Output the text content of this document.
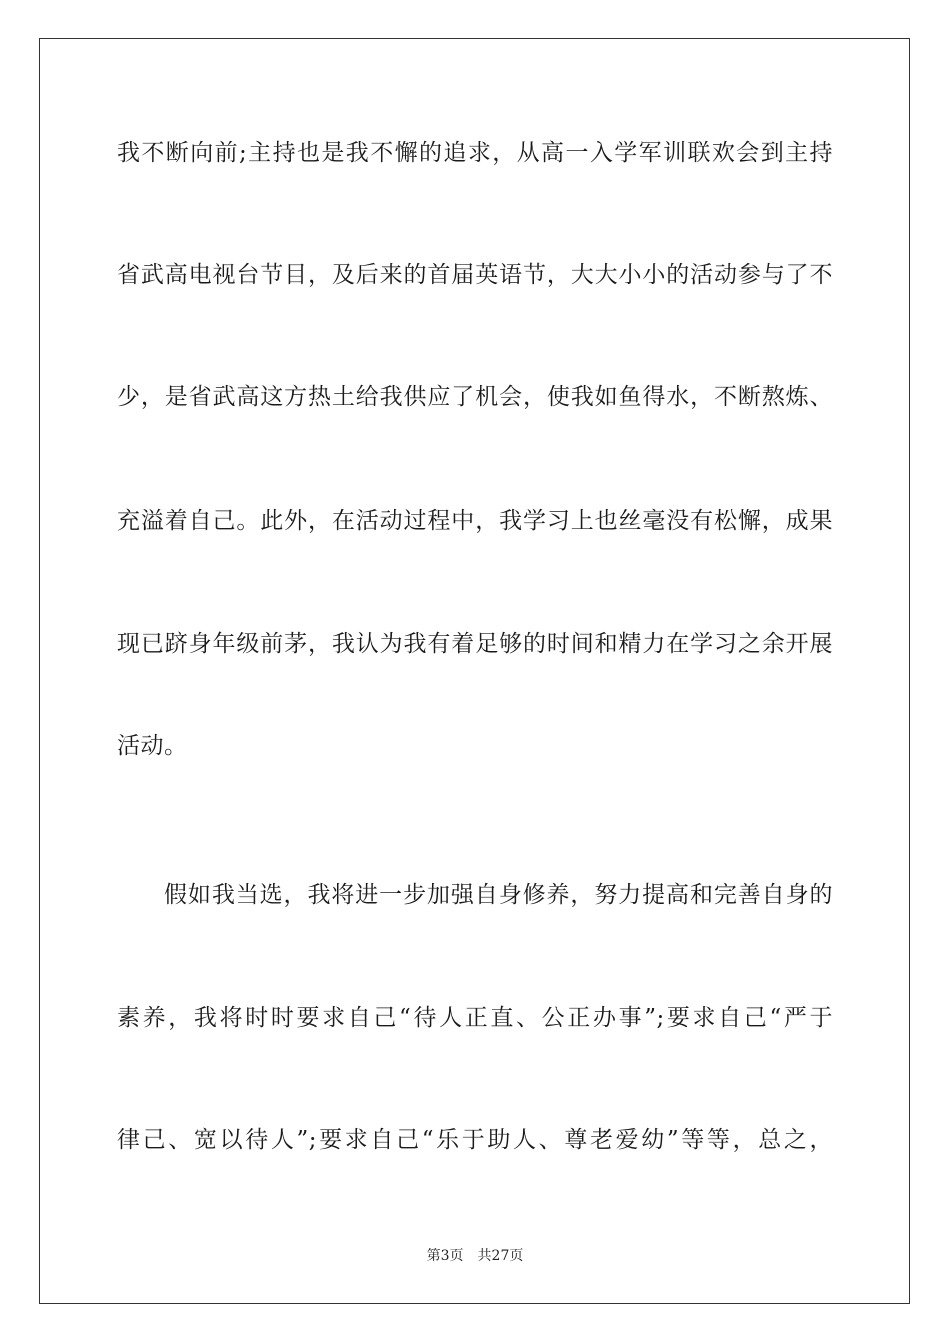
我不断向前;主持也是我不懈的追求，从高一入学军训联欢会到主持
省武高电视台节目，及后来的首届英语节，大大小小的活动参与了不
少，是省武高这方热土给我供应了机会，使我如鱼得水，不断熬炼、
充溢着自己。此外，在活动过程中，我学习上也丝毫没有松懈，成果
现已跻身年级前茅，我认为我有着足够的时间和精力在学习之余开展
活动。
假如我当选，我将进一步加强自身修养，努力提高和完善自身的
素养，我将时时要求自己“待人正直、公正办事”;要求自己“严于
律己、宽以待人”;要求自己“乐于助人、尊老爱幼”等等，总之，
第3页 共27页
